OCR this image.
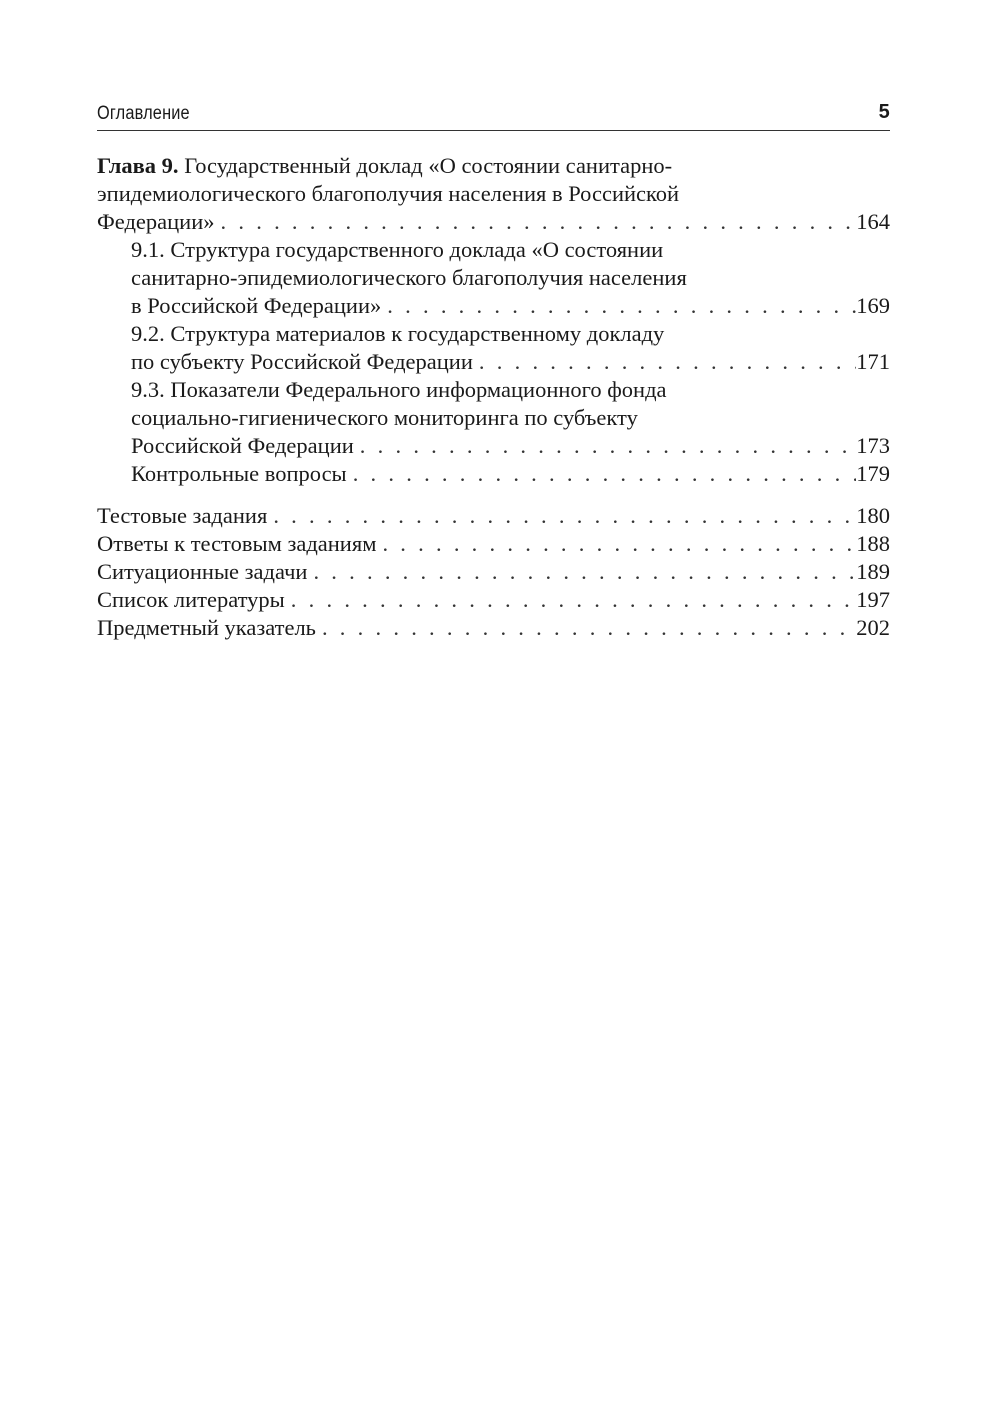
Оглавление	5
Глава 9. Государственный доклад «О состоянии санитарно-
эпидемиологического благополучия населения в Российской
Федерации» . . .	164
9.1. Структура государственного доклада «О состоянии
санитарно-эпидемиологического благополучия населения
в Российской Федерации» . . .	169
9.2. Структура материалов к государственному докладу
по субъекту Российской Федерации . . .	171
9.3. Показатели Федерального информационного фонда
социально-гигиенического мониторинга по субъекту
Российской Федерации . . .	173
Контрольные вопросы . . .	179
Тестовые задания . . .	180
Ответы к тестовым заданиям . . .	188
Ситуационные задачи . . .	189
Список литературы . . .	197
Предметный указатель . . .	202
